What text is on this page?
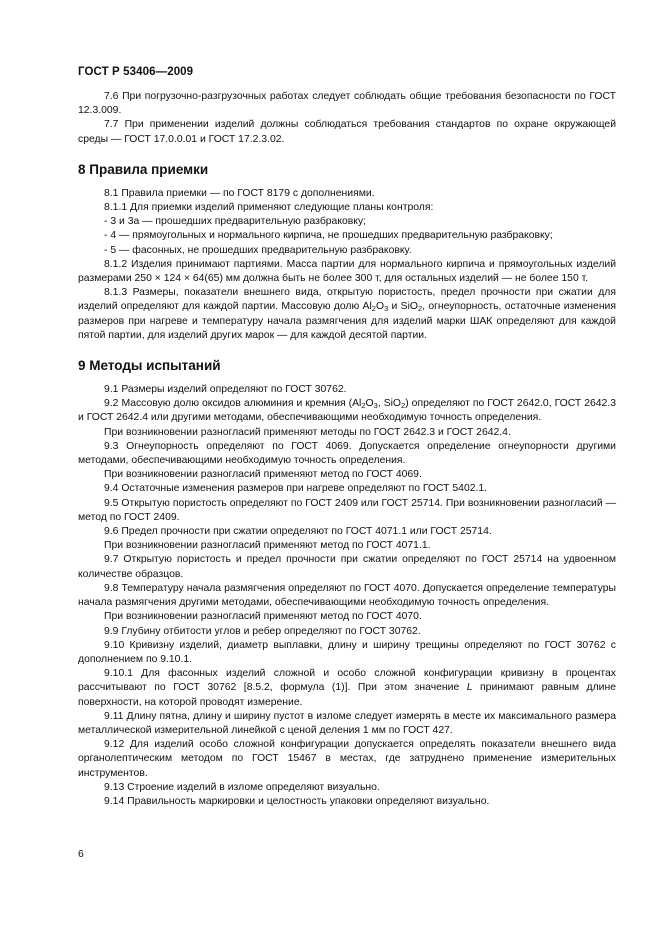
ГОСТ Р 53406—2009

7.6 При погрузочно-разгрузочных работах следует соблюдать общие требования безопасности по ГОСТ 12.3.009.

7.7 При применении изделий должны соблюдаться требования стандартов по охране окружающей среды — ГОСТ 17.0.0.01 и ГОСТ 17.2.3.02.

8 Правила приемки

8.1 Правила приемки — по ГОСТ 8179 с дополнениями.

8.1.1 Для приемки изделий применяют следующие планы контроля:

- 3 и 3а — прошедших предварительную разбраковку;

- 4 — прямоугольных и нормального кирпича, не прошедших предварительную разбраковку;

- 5 — фасонных, не прошедших предварительную разбраковку.

8.1.2 Изделия принимают партиями. Масса партии для нормального кирпича и прямоугольных изделий размерами 250 × 124 × 64(65) мм должна быть не более 300 т, для остальных изделий — не более 150 т.

8.1.3 Размеры, показатели внешнего вида, открытую пористость, предел прочности при сжатии для изделий определяют для каждой партии. Массовую долю $Al_2O_3$ и SiO$_2$, огнеупорность, остаточные изменения размеров при нагреве и температуру начала размягчения для изделий марки ШАК определяют для каждой пятой партии, для изделий других марок — для каждой десятой партии.

9 Методы испытаний

9.1 Размеры изделий определяют по ГОСТ 30762.

9.2 Массовую долю оксидов алюминия и кремния ($Al_2O_3$, SiO$_2$) определяют по ГОСТ 2642.0, ГОСТ 2642.3 и ГОСТ 2642.4 или другими методами, обеспечивающими необходимую точность определения.

При возникновении разногласий применяют методы по ГОСТ 2642.3 и ГОСТ 2642.4.

9.3 Огнеупорность определяют по ГОСТ 4069. Допускается определение огнеупорности другими методами, обеспечивающими необходимую точность определения.

При возникновении разногласий применяют метод по ГОСТ 4069.

9.4 Остаточные изменения размеров при нагреве определяют по ГОСТ 5402.1.

9.5 Открытую пористость определяют по ГОСТ 2409 или ГОСТ 25714. При возникновении разногласий — метод по ГОСТ 2409.

9.6 Предел прочности при сжатии определяют по ГОСТ 4071.1 или ГОСТ 25714.

При возникновении разногласий применяют метод по ГОСТ 4071.1.

9.7 Открытую пористость и предел прочности при сжатии определяют по ГОСТ 25714 на удвоенном количестве образцов.

9.8 Температуру начала размягчения определяют по ГОСТ 4070. Допускается определение температуры начала размягчения другими методами, обеспечивающими необходимую точность определения.

При возникновении разногласий применяют метод по ГОСТ 4070.

9.9 Глубину отбитости углов и ребер определяют по ГОСТ 30762.

9.10 Кривизну изделий, диаметр выплавки, длину и ширину трещины определяют по ГОСТ 30762 с дополнением по 9.10.1.

9.10.1 Для фасонных изделий сложной и особо сложной конфигурации кривизну в процентах рассчитывают по ГОСТ 30762 [8.5.2, формула (1)]. При этом значение L принимают равным длине поверхности, на которой проводят измерение.

9.11 Длину пятна, длину и ширину пустот в изломе следует измерять в месте их максимального размера металлической измерительной линейкой с ценой деления 1 мм по ГОСТ 427.

9.12 Для изделий особо сложной конфигурации допускается определять показатели внешнего вида органолептическим методом по ГОСТ 15467 в местах, где затруднено применение измерительных инструментов.

9.13 Строение изделий в изломе определяют визуально.

9.14 Правильность маркировки и целостность упаковки определяют визуально.

6
